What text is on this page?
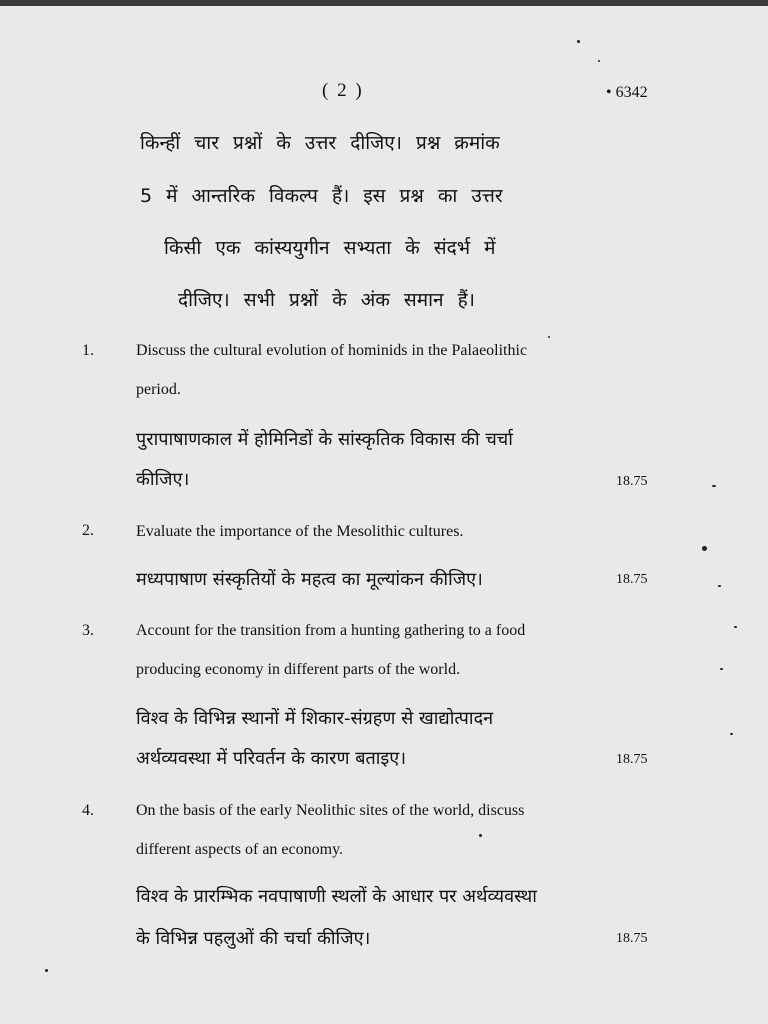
( 2 )	• 6342
किन्हीं चार प्रश्नों के उत्तर दीजिए। प्रश्न क्रमांक
5 में आन्तरिक विकल्प हैं। इस प्रश्न का उत्तर
किसी एक कांस्ययुगीन सभ्यता के संदर्भ में
दीजिए। सभी प्रश्नों के अंक समान हैं।
1.	Discuss the cultural evolution of hominids in the Palaeolithic
period.
पुरापाषाणकाल में होमिनिडों के सांस्कृतिक विकास की चर्चा
कीजिए।	18.75
2.	Evaluate the importance of the Mesolithic cultures.
मध्यपाषाण संस्कृतियों के महत्व का मूल्यांकन कीजिए।	18.75
3.	Account for the transition from a hunting gathering to a food
producing economy in different parts of the world.
विश्व के विभिन्न स्थानों में शिकार-संग्रहण से खाद्योत्पादन
अर्थव्यवस्था में परिवर्तन के कारण बताइए।	18.75
4.	On the basis of the early Neolithic sites of the world, discuss
different aspects of an economy.
विश्व के प्रारम्भिक नवपाषाणी स्थलों के आधार पर अर्थव्यवस्था
के विभिन्न पहलुओं की चर्चा कीजिए।	18.75
